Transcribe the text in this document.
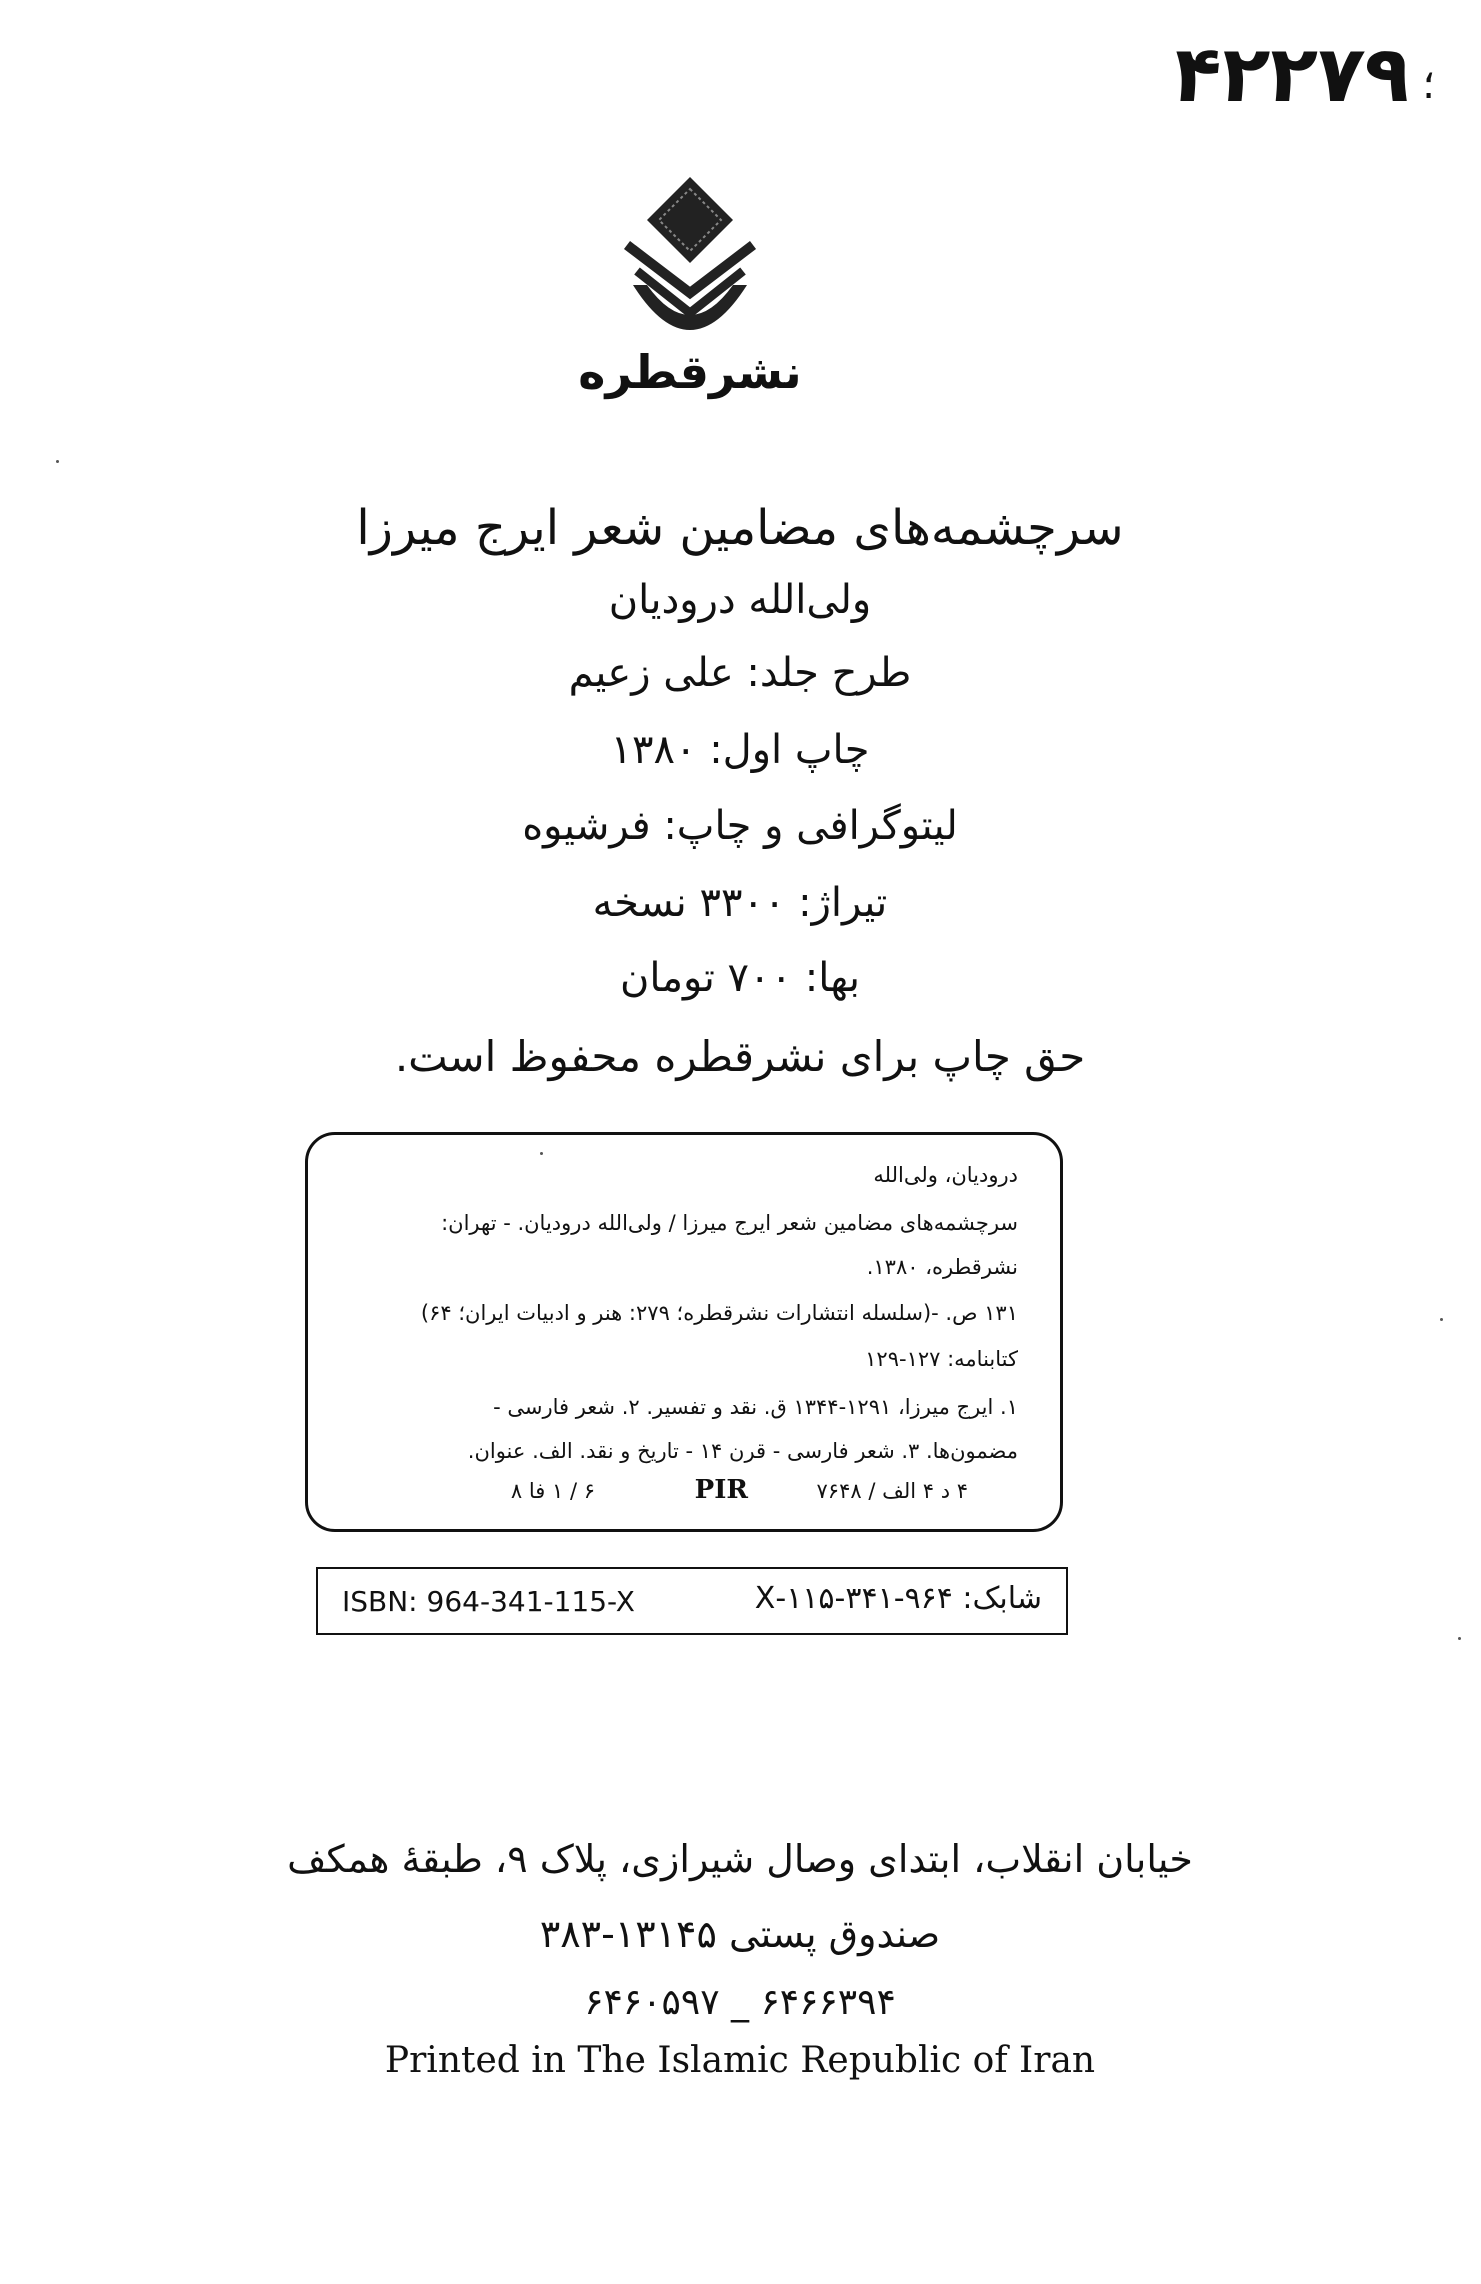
۴۲۲۷۹ ؛
نشرقطره
سرچشمه‌های مضامین شعر ایرج میرزا
ولی‌الله درودیان
طرح جلد: علی زعیم
چاپ اول: ۱۳۸۰
لیتوگرافی و چاپ: فرشیوه
تیراژ: ۳۳۰۰ نسخه
بها: ۷۰۰ تومان
حق چاپ برای نشرقطره محفوظ است.
درودیان، ولی‌الله
سرچشمه‌های مضامین شعر ایرج میرزا / ولی‌الله درودیان. - تهران:
نشرقطره، ۱۳۸۰.
۱۳۱ ص. -(سلسله انتشارات نشرقطره؛ ۲۷۹: هنر و ادبیات ایران؛ ۶۴)
کتابنامه: ۱۲۷-۱۲۹
۱. ایرج میرزا، ۱۲۹۱-۱۳۴۴ ق. نقد و تفسیر. ۲. شعر فارسی -
مضمون‌ها. ۳. شعر فارسی - قرن ۱۴ - تاریخ و نقد. الف. عنوان.
۴ د ۴ الف / ۷۶۴۸
PIR
۶ / ۱ فا ۸
ISBN: 964-341-115-X	شابک: ۹۶۴-۳۴۱-۱۱۵-X
خیابان انقلاب، ابتدای وصال شیرازی، پلاک ۹، طبقهٔ همکف
صندوق پستی ۱۳۱۴۵-۳۸۳
۶۴۶۶۳۹۴ _ ۶۴۶۰۵۹۷
Printed in The Islamic Republic of Iran
